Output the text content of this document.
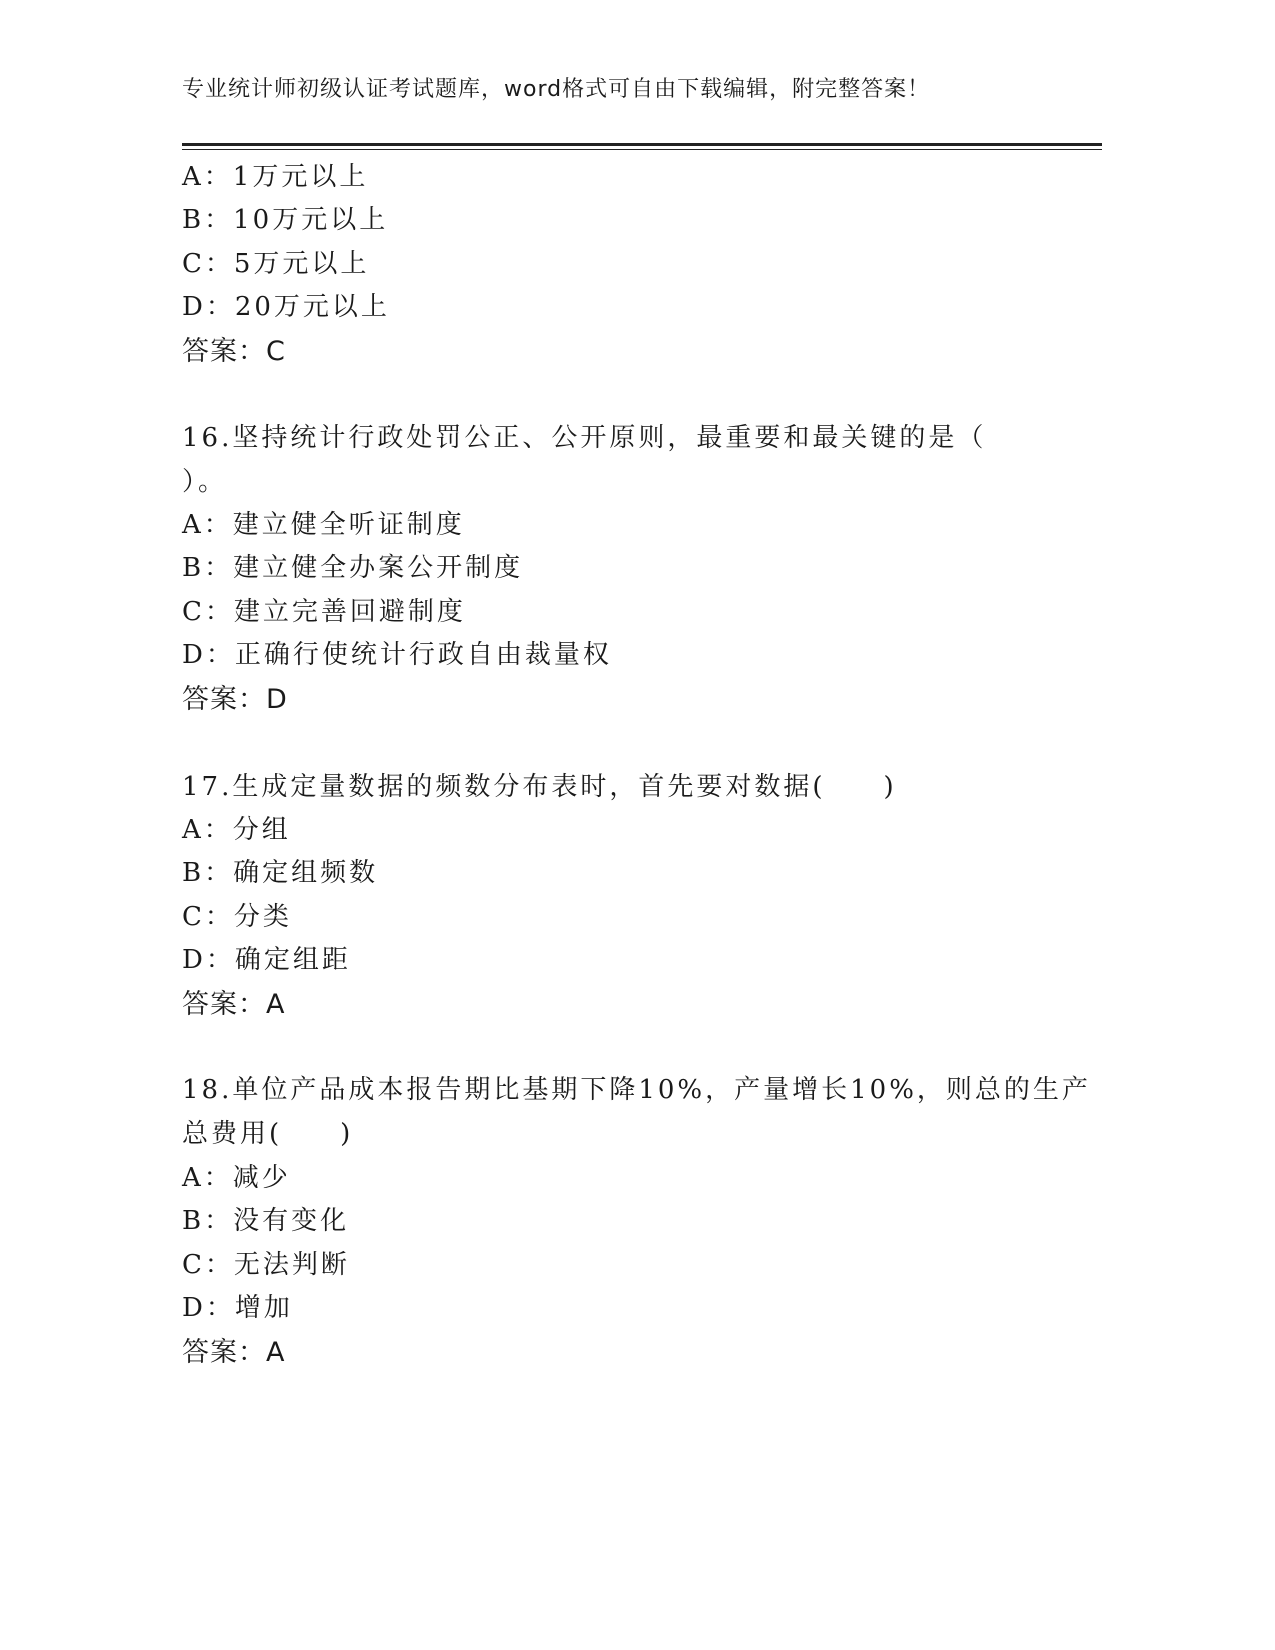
专业统计师初级认证考试题库，word格式可自由下载编辑，附完整答案！
A：1万元以上
B：10万元以上
C：5万元以上
D：20万元以上
答案：C
16.坚持统计行政处罚公正、公开原则，最重要和最关键的是（
）。
A：建立健全听证制度
B：建立健全办案公开制度
C：建立完善回避制度
D：正确行使统计行政自由裁量权
答案：D
17.生成定量数据的频数分布表时，首先要对数据(　　)
A：分组
B：确定组频数
C：分类
D：确定组距
答案：A
18.单位产品成本报告期比基期下降10%，产量增长10%，则总的生产
总费用(　　)
A：减少
B：没有变化
C：无法判断
D：增加
答案：A
